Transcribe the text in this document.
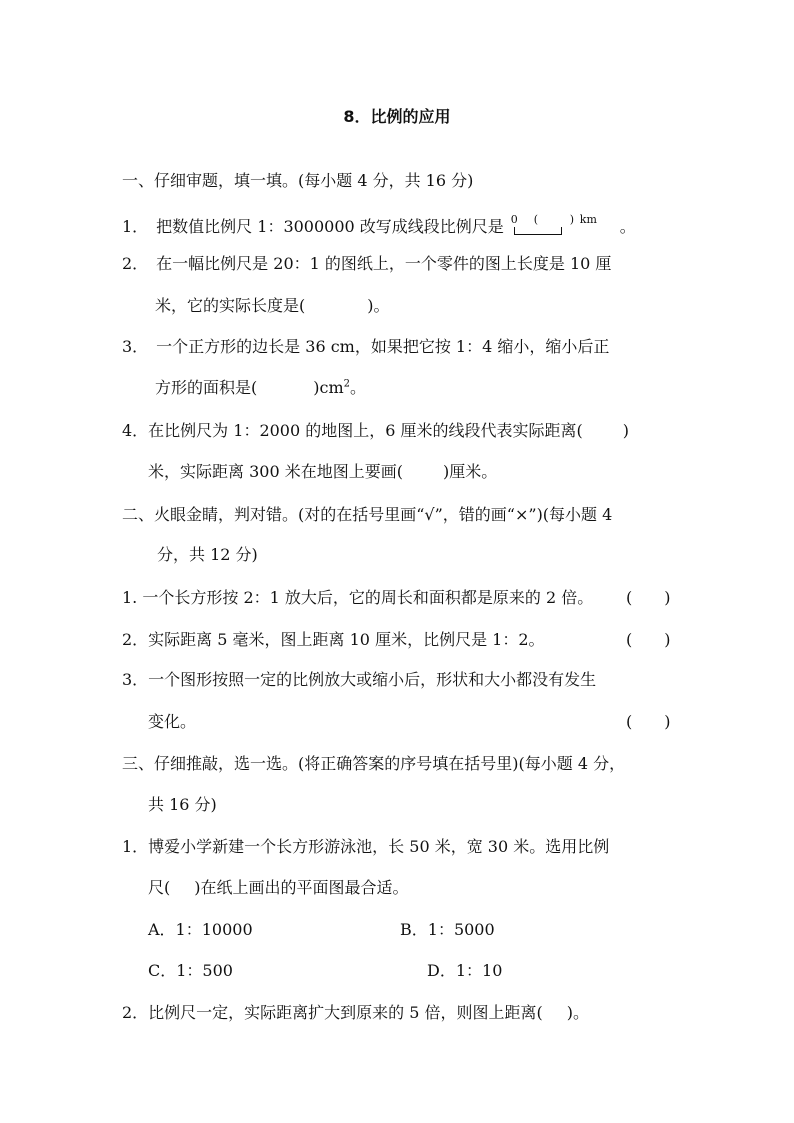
8．比例的应用
一、仔细审题，填一填。(每小题 4 分，共 16 分)
1．　把数值比例尺 1：3000000 改写成线段比例尺是 0 (	) km 。
2．　在一幅比例尺是 20：1 的图纸上，一个零件的图上长度是 10 厘
米，它的实际长度是(	)。
3．　一个正方形的边长是 36 cm，如果把它按 1：4 缩小，缩小后正
方形的面积是(	)$cm^2$。
4．在比例尺为 1：2000 的地图上，6 厘米的线段代表实际距离(	)
米，实际距离 300 米在地图上要画(	)厘米。
二、火眼金睛，判对错。(对的在括号里画“√”，错的画“×”)(每小题 4
分，共 12 分)
1. 一个长方形按 2：1 放大后，它的周长和面积都是原来的 2 倍。 (　　)
2．实际距离 5 毫米，图上距离 10 厘米，比例尺是 1：2。	(　　)
3．一个图形按照一定的比例放大或缩小后，形状和大小都没有发生
变化。	(　　)
三、仔细推敲，选一选。(将正确答案的序号填在括号里)(每小题 4 分，
共 16 分)
1．博爱小学新建一个长方形游泳池，长 50 米，宽 30 米。选用比例
尺( )在纸上画出的平面图最合适。
A．1：10000	B．1：5000
C．1：500	D．1：10
2．比例尺一定，实际距离扩大到原来的 5 倍，则图上距离( )。
